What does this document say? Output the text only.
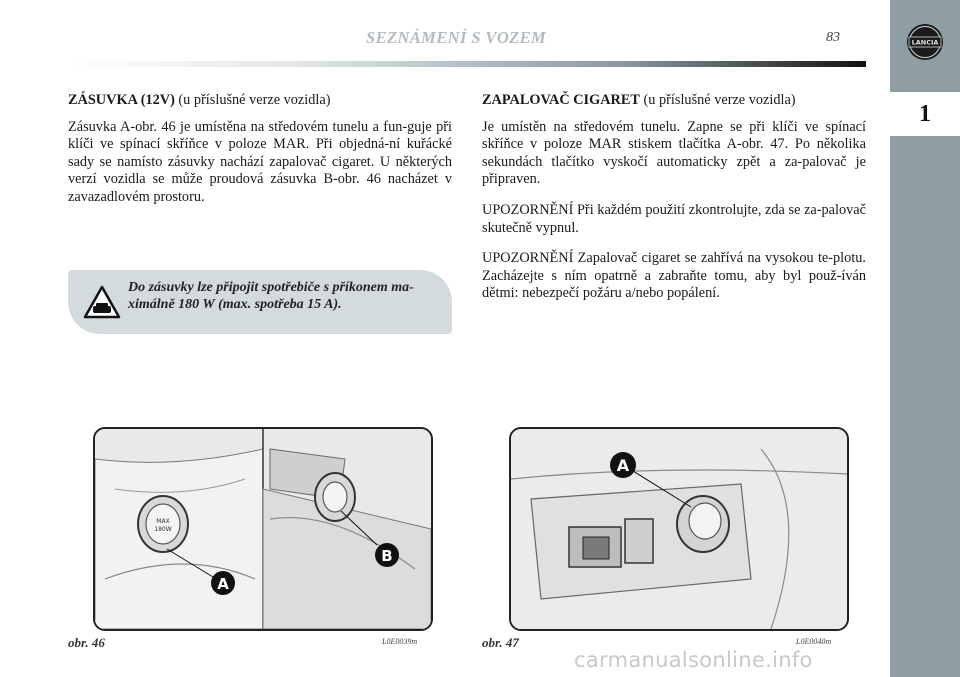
LANCIA
1
SEZNÁMENÍ S VOZEM	83
ZÁSUVKA (12V) (u příslušné verze vozidla)

Zásuvka A-obr. 46 je umístěna na středovém tunelu a fun-guje při klíči ve spínací skříňce v poloze MAR. Při objedná-ní kuřácké sady se namísto zásuvky nachází zapalovač cigaret. U některých verzí vozidla se může proudová zásuvka B-obr. 46 nacházet v zavazadlovém prostoru.

Do zásuvky lze připojit spotřebiče s příkonem ma-ximálně 180 W (max. spotřeba 15 A).
ZAPALOVAČ CIGARET (u příslušné verze vozidla)

Je umístěn na středovém tunelu. Zapne se při klíči ve spínací skříňce v poloze MAR stiskem tlačítka A-obr. 47. Po několika sekundách tlačítko vyskočí automaticky zpět a za-palovač je připraven.

UPOZORNĚNÍ Při každém použití zkontrolujte, zda se za-palovač skutečně vypnul.

UPOZORNĚNÍ Zapalovač cigaret se zahřívá na vysokou te-plotu. Zacházejte s ním opatrně a zabraňte tomu, aby byl použ-íván dětmi: nebezpečí požáru a/nebo popálení.

MAX
180W
A
B
obr. 46	L0E0039m
A
obr. 47	L0E0040m
carmanualsonline.info
